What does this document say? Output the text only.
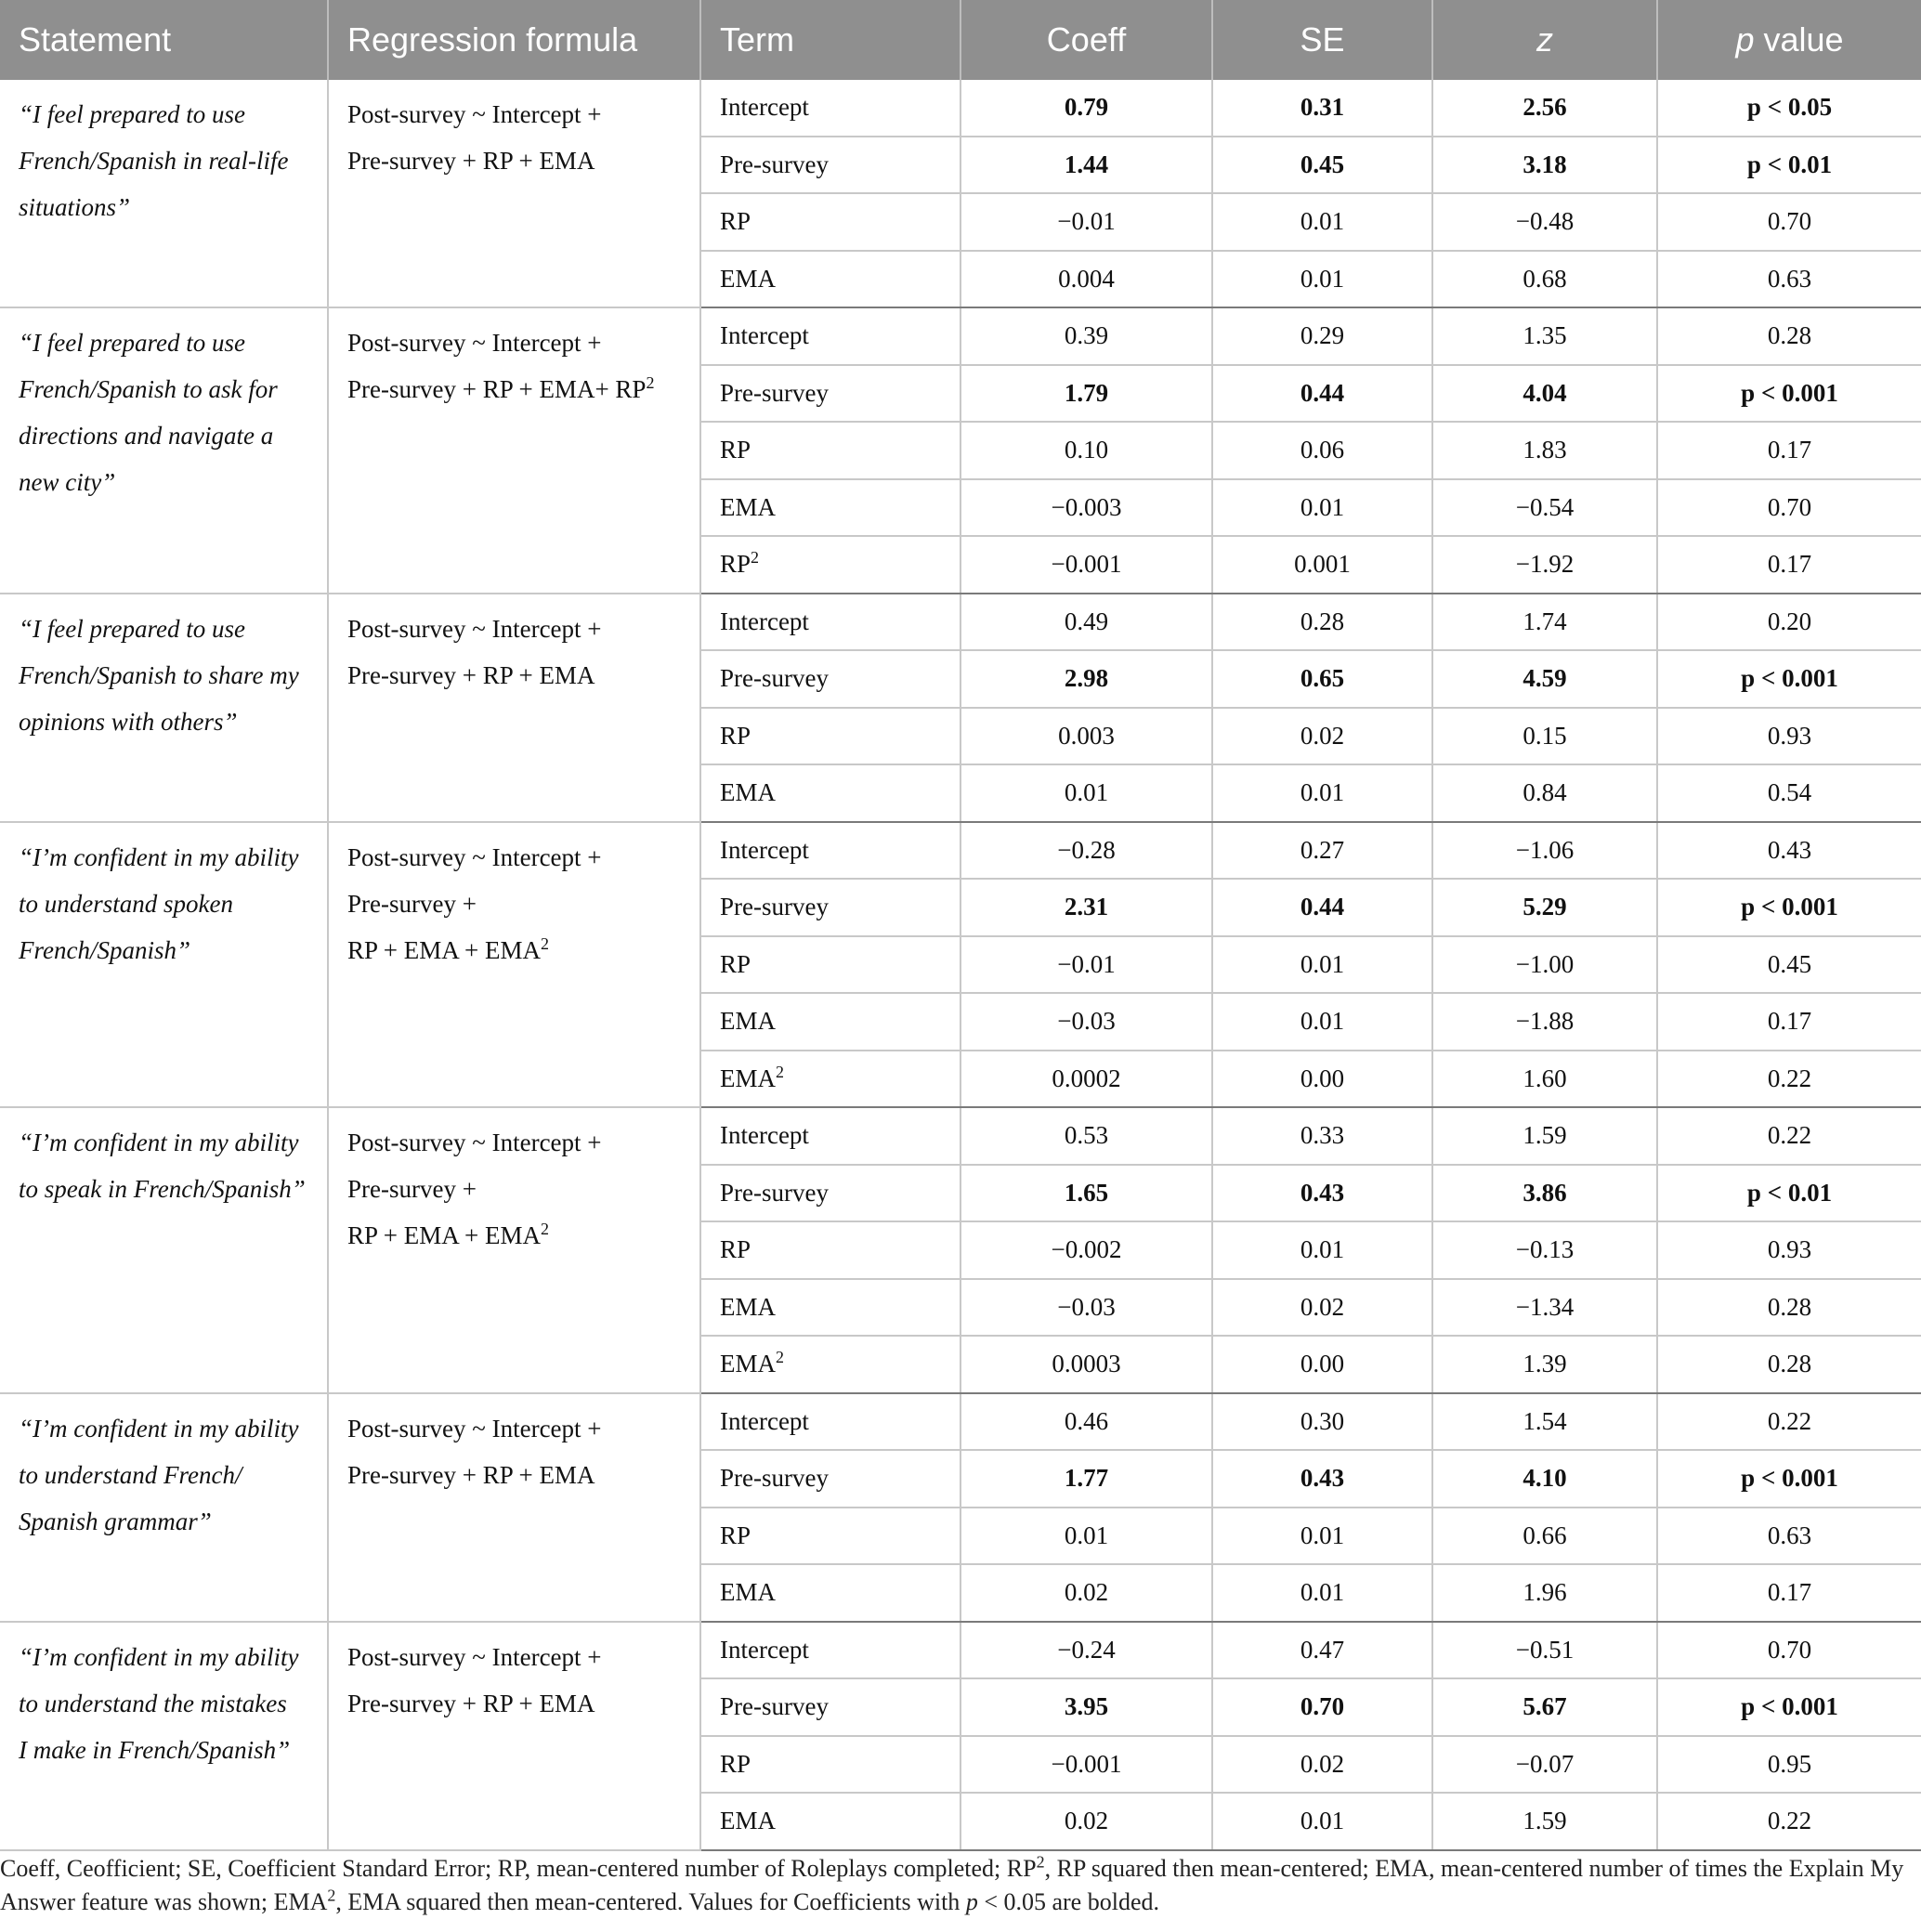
Statement	Regression formula	Term	Coeff	SE	z	p value

“I feel prepared to use
French/Spanish in real-life
situations”	Post-survey ~ Intercept +
Pre-survey + RP + EMA	Intercept	0.79	0.31	2.56	p < 0.05
		Pre-survey	1.44	0.45	3.18	p < 0.01
		RP	−0.01	0.01	−0.48	0.70
		EMA	0.004	0.01	0.68	0.63

“I feel prepared to use
French/Spanish to ask for
directions and navigate a
new city”	Post-survey ~ Intercept +
Pre-survey + RP + $EMA+ RP^2$	Intercept	0.39	0.29	1.35	0.28
		Pre-survey	1.79	0.44	4.04	p < 0.001
		RP	0.10	0.06	1.83	0.17
		EMA	−0.003	0.01	−0.54	0.70
		$RP^2$	−0.001	0.001	−1.92	0.17

“I feel prepared to use
French/Spanish to share my
opinions with others”	Post-survey ~ Intercept +
Pre-survey + RP + EMA	Intercept	0.49	0.28	1.74	0.20
		Pre-survey	2.98	0.65	4.59	p < 0.001
		RP	0.003	0.02	0.15	0.93
		EMA	0.01	0.01	0.84	0.54

“I’m confident in my ability
to understand spoken
French/Spanish”	Post-survey ~ Intercept +
Pre-survey +
RP + EMA + $EMA^2$	Intercept	−0.28	0.27	−1.06	0.43
		Pre-survey	2.31	0.44	5.29	p < 0.001
		RP	−0.01	0.01	−1.00	0.45
		EMA	−0.03	0.01	−1.88	0.17
		EMA$^2$	0.0002	0.00	1.60	0.22

“I’m confident in my ability
to speak in French/Spanish”	Post-survey ~ Intercept +
Pre-survey +
RP + EMA + $EMA^2$	Intercept	0.53	0.33	1.59	0.22
		Pre-survey	1.65	0.43	3.86	p < 0.01
		RP	−0.002	0.01	−0.13	0.93
		EMA	−0.03	0.02	−1.34	0.28
		EMA$^2$	0.0003	0.00	1.39	0.28

“I’m confident in my ability
to understand French/
Spanish grammar”	Post-survey ~ Intercept +
Pre-survey + RP + EMA	Intercept	0.46	0.30	1.54	0.22
		Pre-survey	1.77	0.43	4.10	p < 0.001
		RP	0.01	0.01	0.66	0.63
		EMA	0.02	0.01	1.96	0.17

“I’m confident in my ability
to understand the mistakes
I make in French/Spanish”	Post-survey ~ Intercept +
Pre-survey + RP + EMA	Intercept	−0.24	0.47	−0.51	0.70
		Pre-survey	3.95	0.70	5.67	p < 0.001
		RP	−0.001	0.02	−0.07	0.95
		EMA	0.02	0.01	1.59	0.22
Coeff, Ceofficient; SE, Coefficient Standard Error; RP, mean-centered number of Roleplays completed; $RP^2$, RP squared then mean-centered; EMA, mean-centered number of times the Explain My Answer feature was shown; EMA$^2$, EMA squared then mean-centered. Values for Coefficients with p < 0.05 are bolded.
